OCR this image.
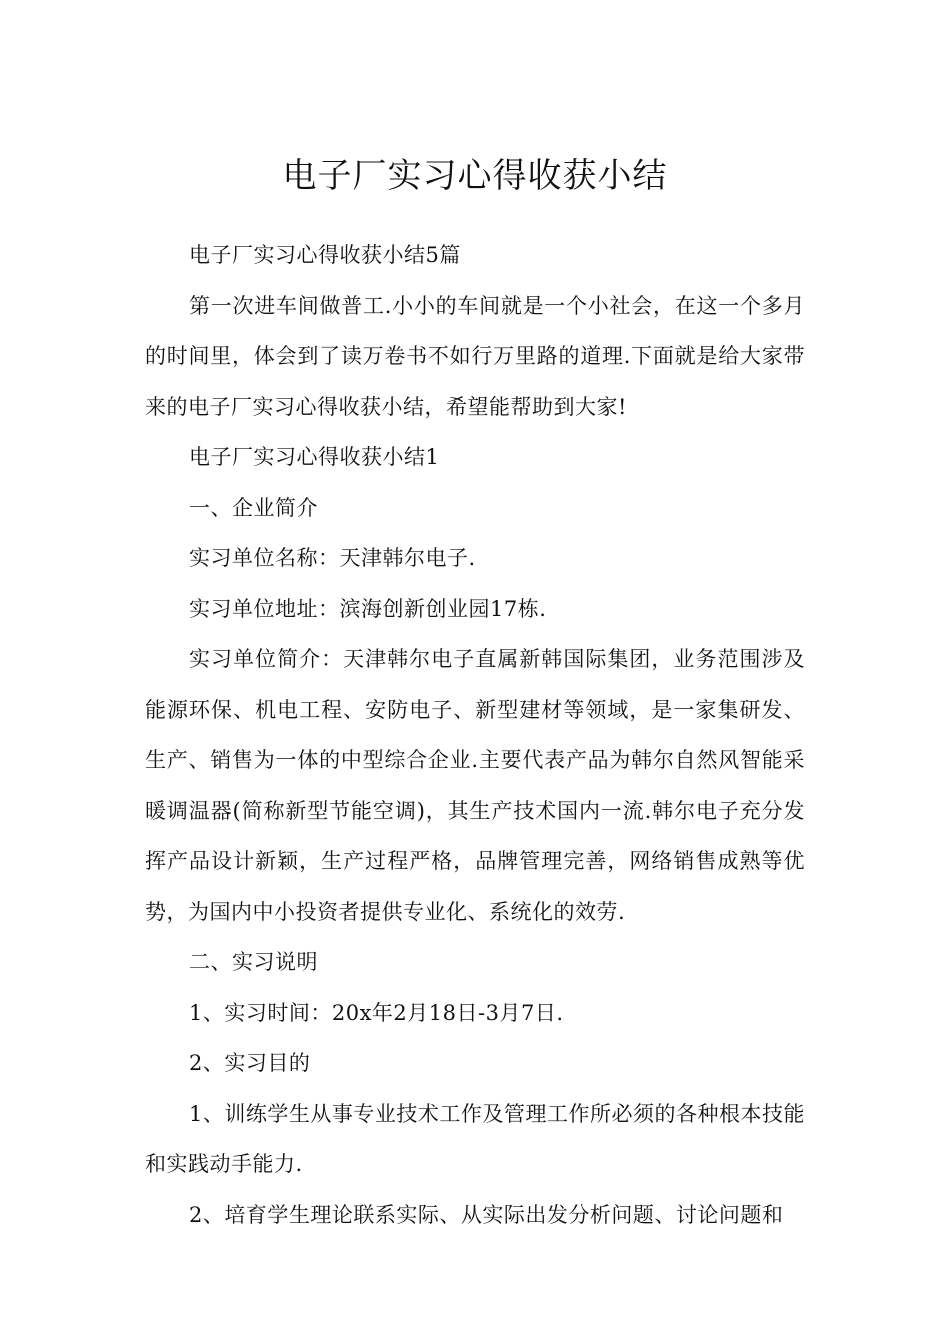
电子厂实习心得收获小结

电子厂实习心得收获小结5篇

第一次进车间做普工.小小的车间就是一个小社会，在这一个多月的时间里，体会到了读万卷书不如行万里路的道理.下面就是给大家带来的电子厂实习心得收获小结，希望能帮助到大家!

电子厂实习心得收获小结1

一、企业简介

实习单位名称：天津韩尔电子.

实习单位地址：滨海创新创业园17栋.

实习单位简介：天津韩尔电子直属新韩国际集团，业务范围涉及能源环保、机电工程、安防电子、新型建材等领域，是一家集研发、生产、销售为一体的中型综合企业.主要代表产品为韩尔自然风智能采暖调温器(简称新型节能空调)，其生产技术国内一流.韩尔电子充分发挥产品设计新颖，生产过程严格，品牌管理完善，网络销售成熟等优势，为国内中小投资者提供专业化、系统化的效劳.

二、实习说明

1、实习时间：20x年2月18日-3月7日.

2、实习目的

1、训练学生从事专业技术工作及管理工作所必须的各种根本技能和实践动手能力.

2、培育学生理论联系实际、从实际出发分析问题、讨论问题和
